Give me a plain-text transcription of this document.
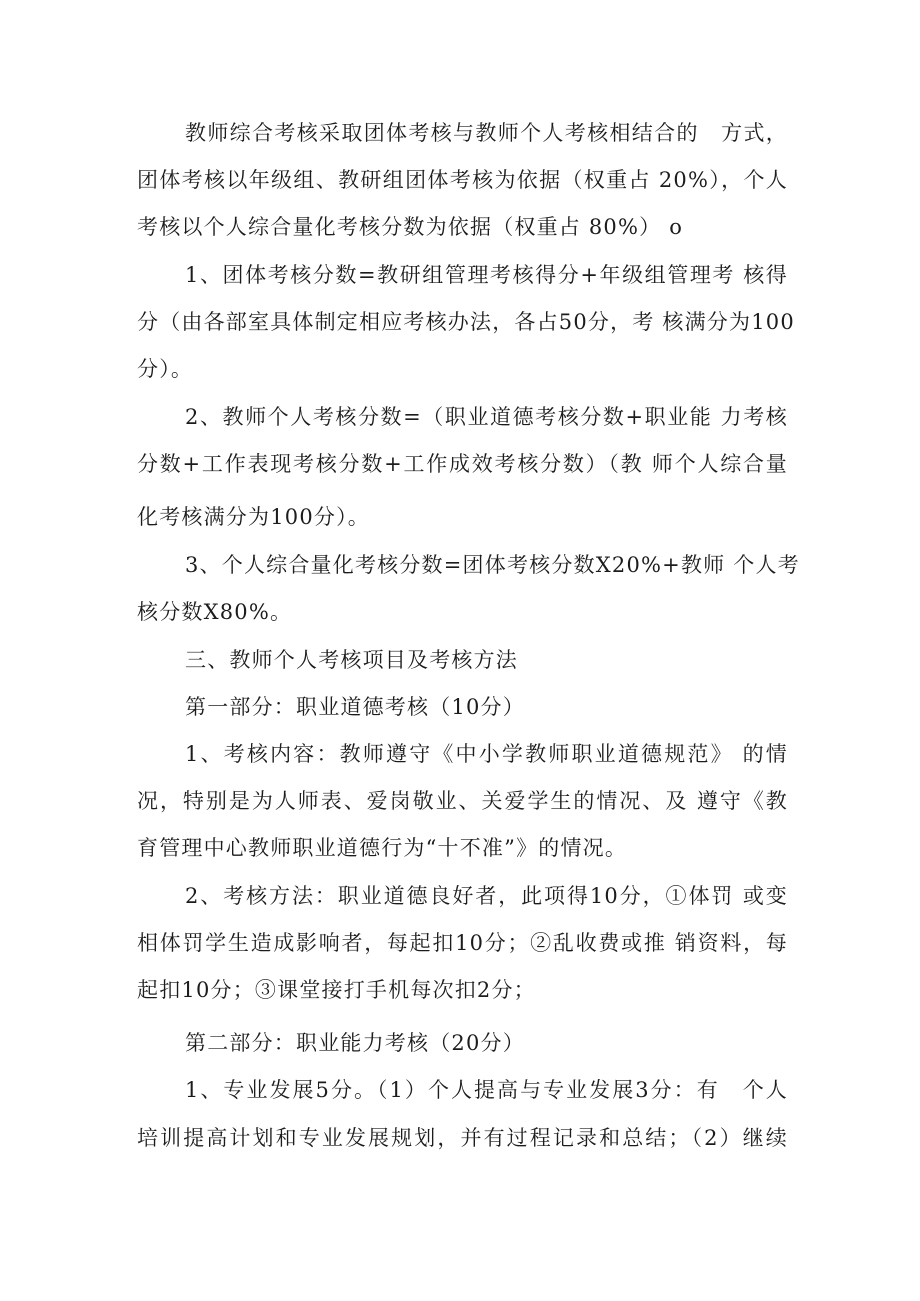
教师综合考核采取团体考核与教师个人考核相结合的　方式，
团体考核以年级组、教研组团体考核为依据（权重占 20%），个人
考核以个人综合量化考核分数为依据（权重占 80%） o
1、团体考核分数=教研组管理考核得分+年级组管理考 核得
分（由各部室具体制定相应考核办法，各占50分，考 核满分为100
分）。
2、教师个人考核分数=（职业道德考核分数+职业能 力考核
分数+工作表现考核分数+工作成效考核分数）（教 师个人综合量
化考核满分为100分）。
3、个人综合量化考核分数=团体考核分数X20%+教师 个人考
核分数X80%。
三、教师个人考核项目及考核方法
第一部分：职业道德考核（10分）
1、考核内容：教师遵守《中小学教师职业道德规范》 的情
况，特别是为人师表、爱岗敬业、关爱学生的情况、及 遵守《教
育管理中心教师职业道德行为“十不准”》的情况。
2、考核方法：职业道德良好者，此项得10分，①体罚 或变
相体罚学生造成影响者，每起扣10分；②乱收费或推 销资料，每
起扣10分；③课堂接打手机每次扣2分；
第二部分：职业能力考核（20分）
1、专业发展5分。（1）个人提高与专业发展3分：有　个人
培训提高计划和专业发展规划，并有过程记录和总结；（2）继续
